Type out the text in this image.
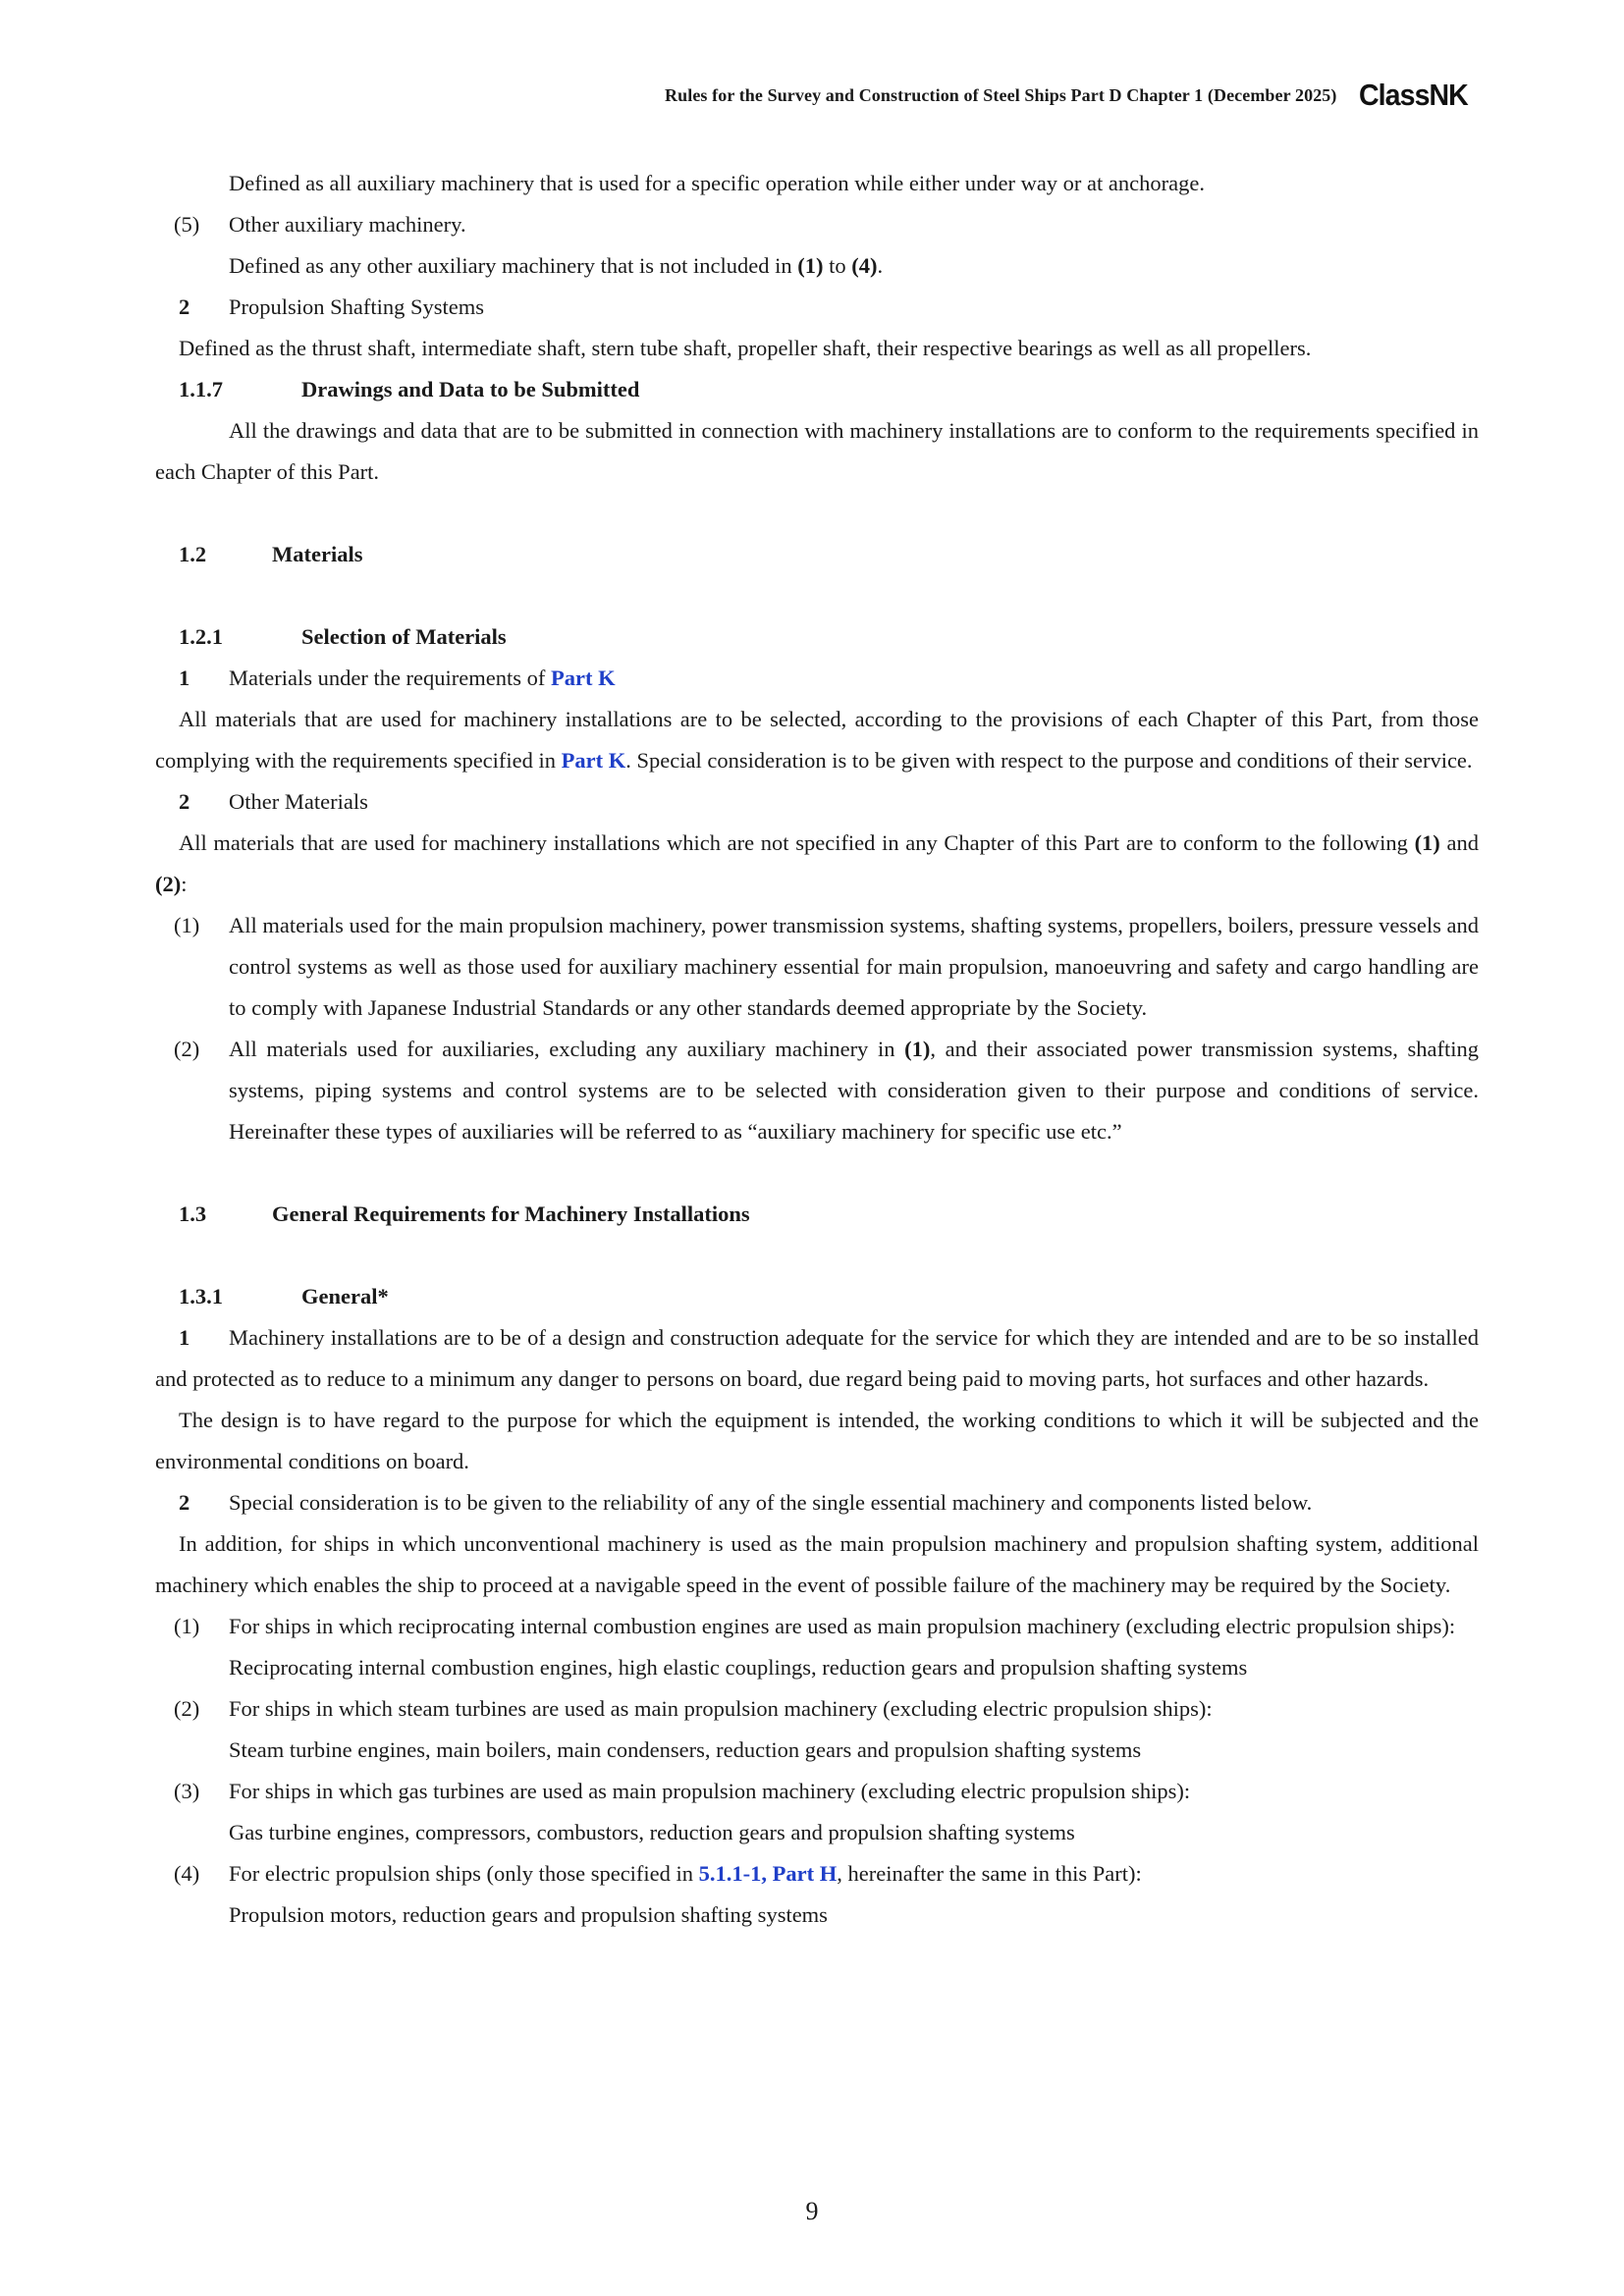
Rules for the Survey and Construction of Steel Ships Part D Chapter 1 (December 2025) ClassNK

Defined as all auxiliary machinery that is used for a specific operation while either under way or at anchorage.

(5) Other auxiliary machinery.

Defined as any other auxiliary machinery that is not included in (1) to (4).

2 Propulsion Shafting Systems

Defined as the thrust shaft, intermediate shaft, stern tube shaft, propeller shaft, their respective bearings as well as all propellers.

1.1.7	Drawings and Data to be Submitted

All the drawings and data that are to be submitted in connection with machinery installations are to conform to the requirements specified in each Chapter of this Part.

1.2	Materials

1.2.1	Selection of Materials

1 Materials under the requirements of Part K

All materials that are used for machinery installations are to be selected, according to the provisions of each Chapter of this Part, from those complying with the requirements specified in Part K. Special consideration is to be given with respect to the purpose and conditions of their service.

2 Other Materials

All materials that are used for machinery installations which are not specified in any Chapter of this Part are to conform to the following (1) and (2):

(1) All materials used for the main propulsion machinery, power transmission systems, shafting systems, propellers, boilers, pressure vessels and control systems as well as those used for auxiliary machinery essential for main propulsion, manoeuvring and safety and cargo handling are to comply with Japanese Industrial Standards or any other standards deemed appropriate by the Society.

(2) All materials used for auxiliaries, excluding any auxiliary machinery in (1), and their associated power transmission systems, shafting systems, piping systems and control systems are to be selected with consideration given to their purpose and conditions of service. Hereinafter these types of auxiliaries will be referred to as “auxiliary machinery for specific use etc.”

1.3	General Requirements for Machinery Installations

1.3.1	General*

1 Machinery installations are to be of a design and construction adequate for the service for which they are intended and are to be so installed and protected as to reduce to a minimum any danger to persons on board, due regard being paid to moving parts, hot surfaces and other hazards.

The design is to have regard to the purpose for which the equipment is intended, the working conditions to which it will be subjected and the environmental conditions on board.

2 Special consideration is to be given to the reliability of any of the single essential machinery and components listed below.

In addition, for ships in which unconventional machinery is used as the main propulsion machinery and propulsion shafting system, additional machinery which enables the ship to proceed at a navigable speed in the event of possible failure of the machinery may be required by the Society.

(1) For ships in which reciprocating internal combustion engines are used as main propulsion machinery (excluding electric propulsion ships):

Reciprocating internal combustion engines, high elastic couplings, reduction gears and propulsion shafting systems

(2) For ships in which steam turbines are used as main propulsion machinery (excluding electric propulsion ships):

Steam turbine engines, main boilers, main condensers, reduction gears and propulsion shafting systems

(3) For ships in which gas turbines are used as main propulsion machinery (excluding electric propulsion ships):

Gas turbine engines, compressors, combustors, reduction gears and propulsion shafting systems

(4) For electric propulsion ships (only those specified in 5.1.1-1, Part H, hereinafter the same in this Part):

Propulsion motors, reduction gears and propulsion shafting systems

9
